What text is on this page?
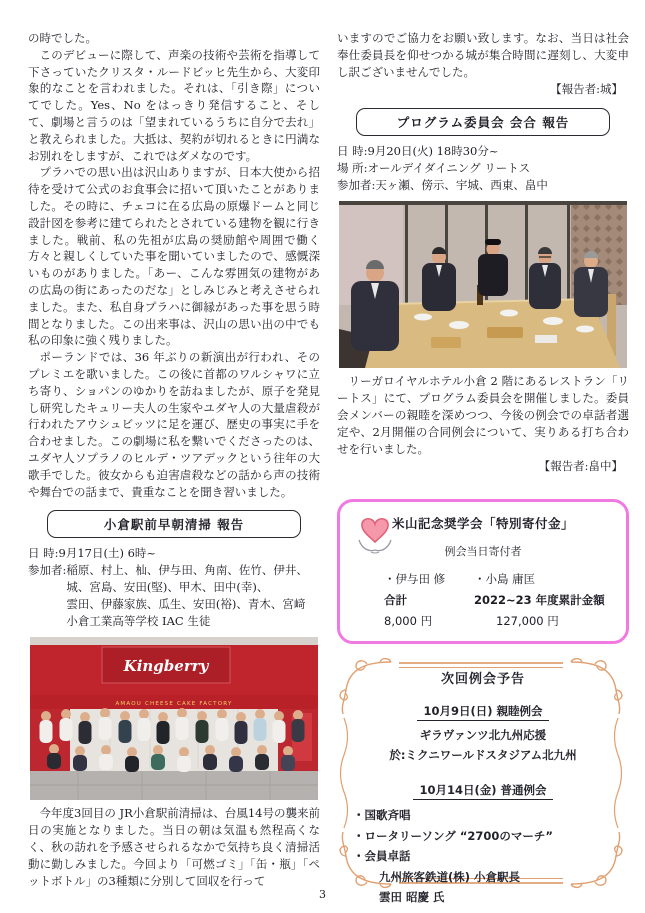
の時でした。

このデビューに際して、声楽の技術や芸術を指導して下さっていたクリスタ・ルードビッヒ先生から、大変印象的なことを言われました。それは、「引き際」についてでした。Yes、No をはっきり発信すること、そして、劇場と言うのは「望まれているうちに自分で去れ」と教えられました。大抵は、契約が切れるときに円満なお別れをしますが、これではダメなのです。

プラハでの思い出は沢山ありますが、日本大使から招待を受けて公式のお食事会に招いて頂いたことがありました。その時に、チェコに在る広島の原爆ドームと同じ設計図を参考に建てられたとされている建物を観に行きました。戦前、私の先祖が広島の奨励館や周囲で働く方々と親しくしていた事を聞いていましたので、感慨深いものがありました。「あー、こんな雰囲気の建物があの広島の街にあったのだな」としみじみと考えさせられました。また、私自身プラハに御縁があった事を思う時間となりました。この出来事は、沢山の思い出の中でも私の印象に強く残りました。

ポーランドでは、36 年ぶりの新演出が行われ、そのプレミエを歌いました。この後に首都のワルシャワに立ち寄り、ショパンのゆかりを訪ねましたが、原子を発見し研究したキュリー夫人の生家やユダヤ人の大量虐殺が行われたアウシュビッツに足を運び、歴史の事実に手を合わせました。この劇場に私を繋いでくださったのは、ユダヤ人ソプラノのヒルデ・ツアデックという往年の大歌手でした。彼女からも迫害虐殺などの話から声の技術や舞台での話まで、貴重なことを聞き習いました。

小倉駅前早朝清掃 報告
日 時: 9月17日(土) 6時~
参加者: 稲原、村上、杣、伊与田、角南、佐竹、伊井、
城、宮島、安田(堅)、甲木、田中(幸)、
雲田、伊藤家族、瓜生、安田(裕)、青木、宮﨑
小倉工業高等学校 IAC 生徒
Kingberry
AMAOU CHEESE CAKE FACTORY

今年度3回目の JR小倉駅前清掃は、台風14号の襲来前日の実施となりました。当日の朝は気温も然程高くなく、秋の訪れを予感させられるなかで気持ち良く清掃活動に勤しみました。今回より「可燃ゴミ」「缶・瓶」「ペットボトル」の3種類に分別して回収を行って

いますのでご協力をお願い致します。なお、当日は社会奉仕委員長を仰せつかる城が集合時間に遅刻し、大変申し訳ございませんでした。

【報告者:城】
プログラム委員会 会合 報告
日 時: 9月20日(火) 18時30分~
場 所: オールデイダイニング リートス
参加者: 天ヶ瀬、傍示、宇城、西東、畠中

リーガロイヤルホテル小倉 2 階にあるレストラン「リートス」にて、プログラム委員会を開催しました。委員会メンバーの親睦を深めつつ、今後の例会での卓話者選定や、2月開催の合同例会について、実りある打ち合わせを行いました。

【報告者:畠中】
米山記念奨学会「特別寄付金」
例会当日寄付者
・伊与田 修	・小島 庸匡
合計	2022~23 年度累計金額
8,000 円	127,000 円
次回例会予告
10月9日(日) 親睦例会
ギラヴァンツ北九州応援
於:ミクニワールドスタジアム北九州
10月14日(金) 普通例会
・国歌斉唱
・ロータリーソング “2700のマーチ”
・会員卓話
九州旅客鉄道(株) 小倉駅長
雲田 昭慶 氏
3
